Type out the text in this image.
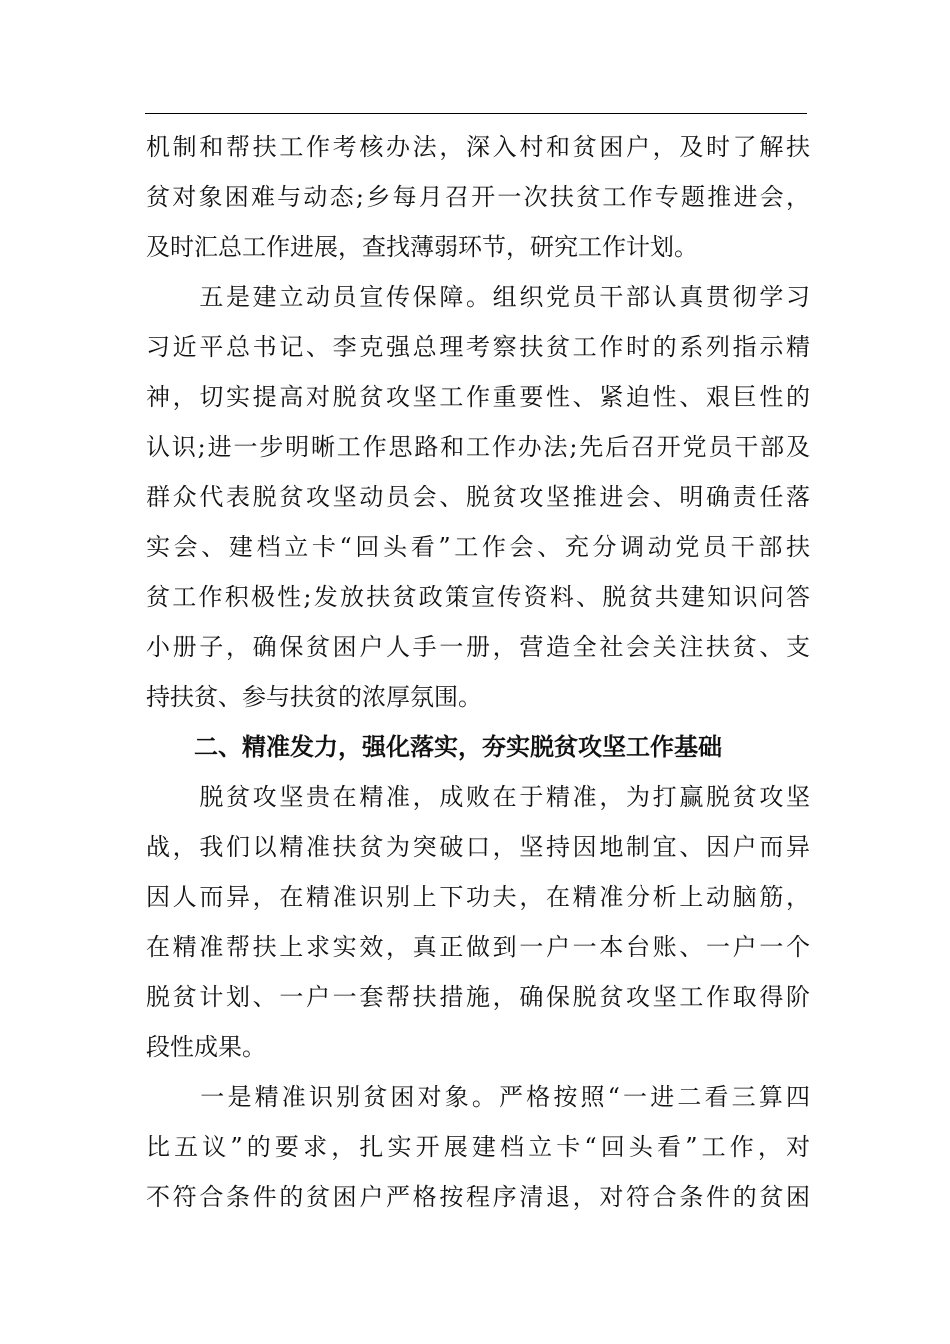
机制和帮扶工作考核办法，深入村和贫困户，及时了解扶
贫对象困难与动态;乡每月召开一次扶贫工作专题推进会，
及时汇总工作进展，查找薄弱环节，研究工作计划。
　　五是建立动员宣传保障。组织党员干部认真贯彻学习
习近平总书记、李克强总理考察扶贫工作时的系列指示精
神，切实提高对脱贫攻坚工作重要性、紧迫性、艰巨性的
认识;进一步明晰工作思路和工作办法;先后召开党员干部及
群众代表脱贫攻坚动员会、脱贫攻坚推进会、明确责任落
实会、建档立卡“回头看”工作会、充分调动党员干部扶
贫工作积极性;发放扶贫政策宣传资料、脱贫共建知识问答
小册子，确保贫困户人手一册，营造全社会关注扶贫、支
持扶贫、参与扶贫的浓厚氛围。
　　二、精准发力，强化落实，夯实脱贫攻坚工作基础
　　脱贫攻坚贵在精准，成败在于精准，为打赢脱贫攻坚
战，我们以精准扶贫为突破口，坚持因地制宜、因户而异
因人而异，在精准识别上下功夫，在精准分析上动脑筋，
在精准帮扶上求实效，真正做到一户一本台账、一户一个
脱贫计划、一户一套帮扶措施，确保脱贫攻坚工作取得阶
段性成果。
　　一是精准识别贫困对象。严格按照“一进二看三算四
比五议”的要求，扎实开展建档立卡“回头看”工作，对
不符合条件的贫困户严格按程序清退，对符合条件的贫困
